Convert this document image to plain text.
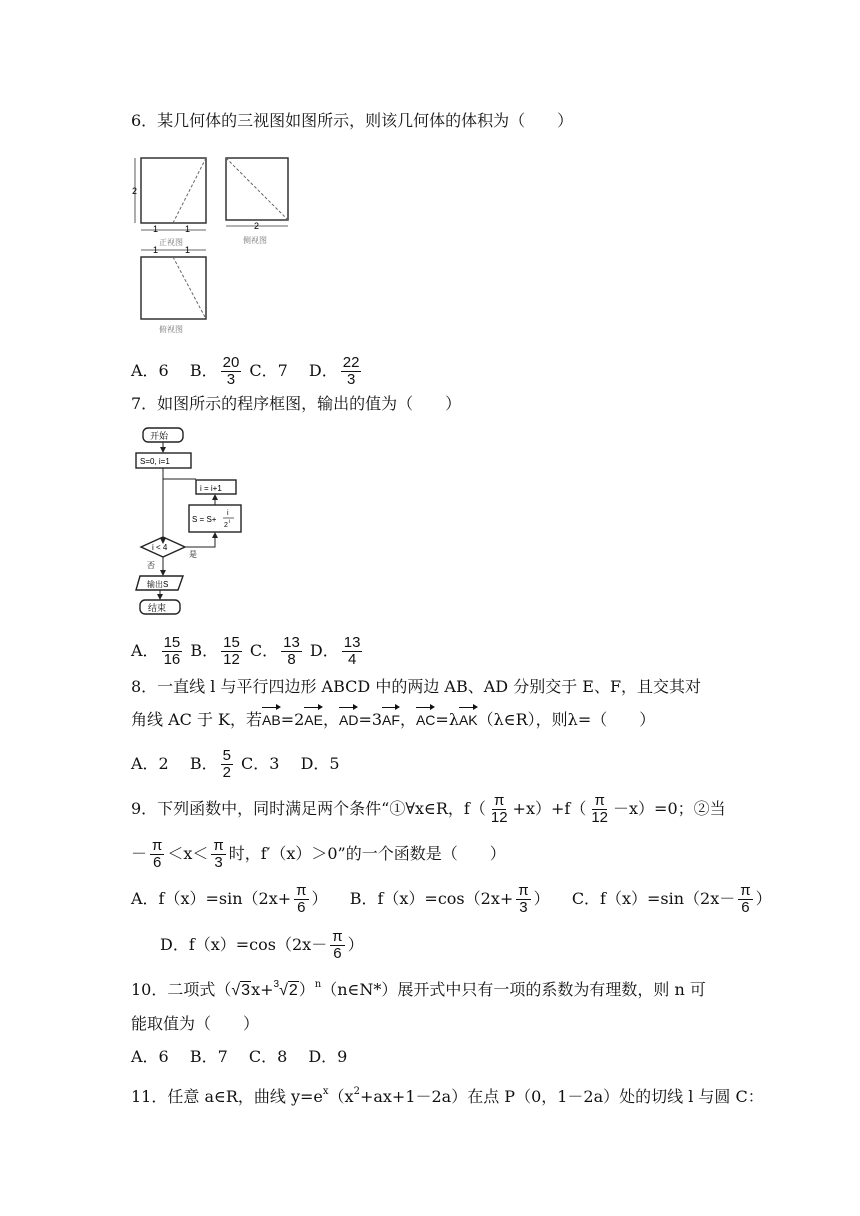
6．某几何体的三视图如图所示，则该几何体的体积为（　　）
2
1	1
正视图
2
侧视图
1	1
俯视图
A．6　 B． $\frac{20}{3}$ C．7　 D． $\frac{22}{3}$
7．如图所示的程序框图，输出的值为（　　）
开始
S=0, i=1
i = i+1
S = S+
i
2 i
i < 4
是
否
输出S
结束
A． $\frac{15}{16}$ B． $\frac{15}{12}$ C． $\frac{13}{8}$ D． $\frac{13}{4}$
8．一直线 l 与平行四边形 ABCD 中的两边 AB、AD 分别交于 E、F，且交其对
角线 AC 于 K，若AB=2AE，AD=3AF，AC=λAK（λ∈R），则λ=（　　）
A．2　 B． $\frac{5}{2}$ C．3　 D．5
9．下列函数中，同时满足两个条件“①∀x∈R，$f( \frac{\pi}{12} +x)+f( \frac{\pi}{12} -x)=0$；②当
－ $\frac{\pi}{6} <x< \frac{\pi}{3}$ 时，f′（x）＞0”的一个函数是（　　）
A．$f(x)=\sin(2x+ \frac{\pi}{6}$ ） B．$f(x)=\cos(2x+ \frac{\pi}{3}$ ） C．$f(x)=\sin(2x- \frac{\pi}{6}$ ）
D．$f(x)=\cos(2x- \frac{\pi}{6}$ ）
10．二项式$(√3x+^3√2)^n(n\in N*)$展开式中只有一项的系数为有理数，则 n 可
能取值为（　　）
A．6　 B．7　 C．8　 D．9
11．任意 a∈R，曲线 $y=e^x(x^2+ax+1-2a)$在点 P（0，1－2a）处的切线 l 与圆 C：
